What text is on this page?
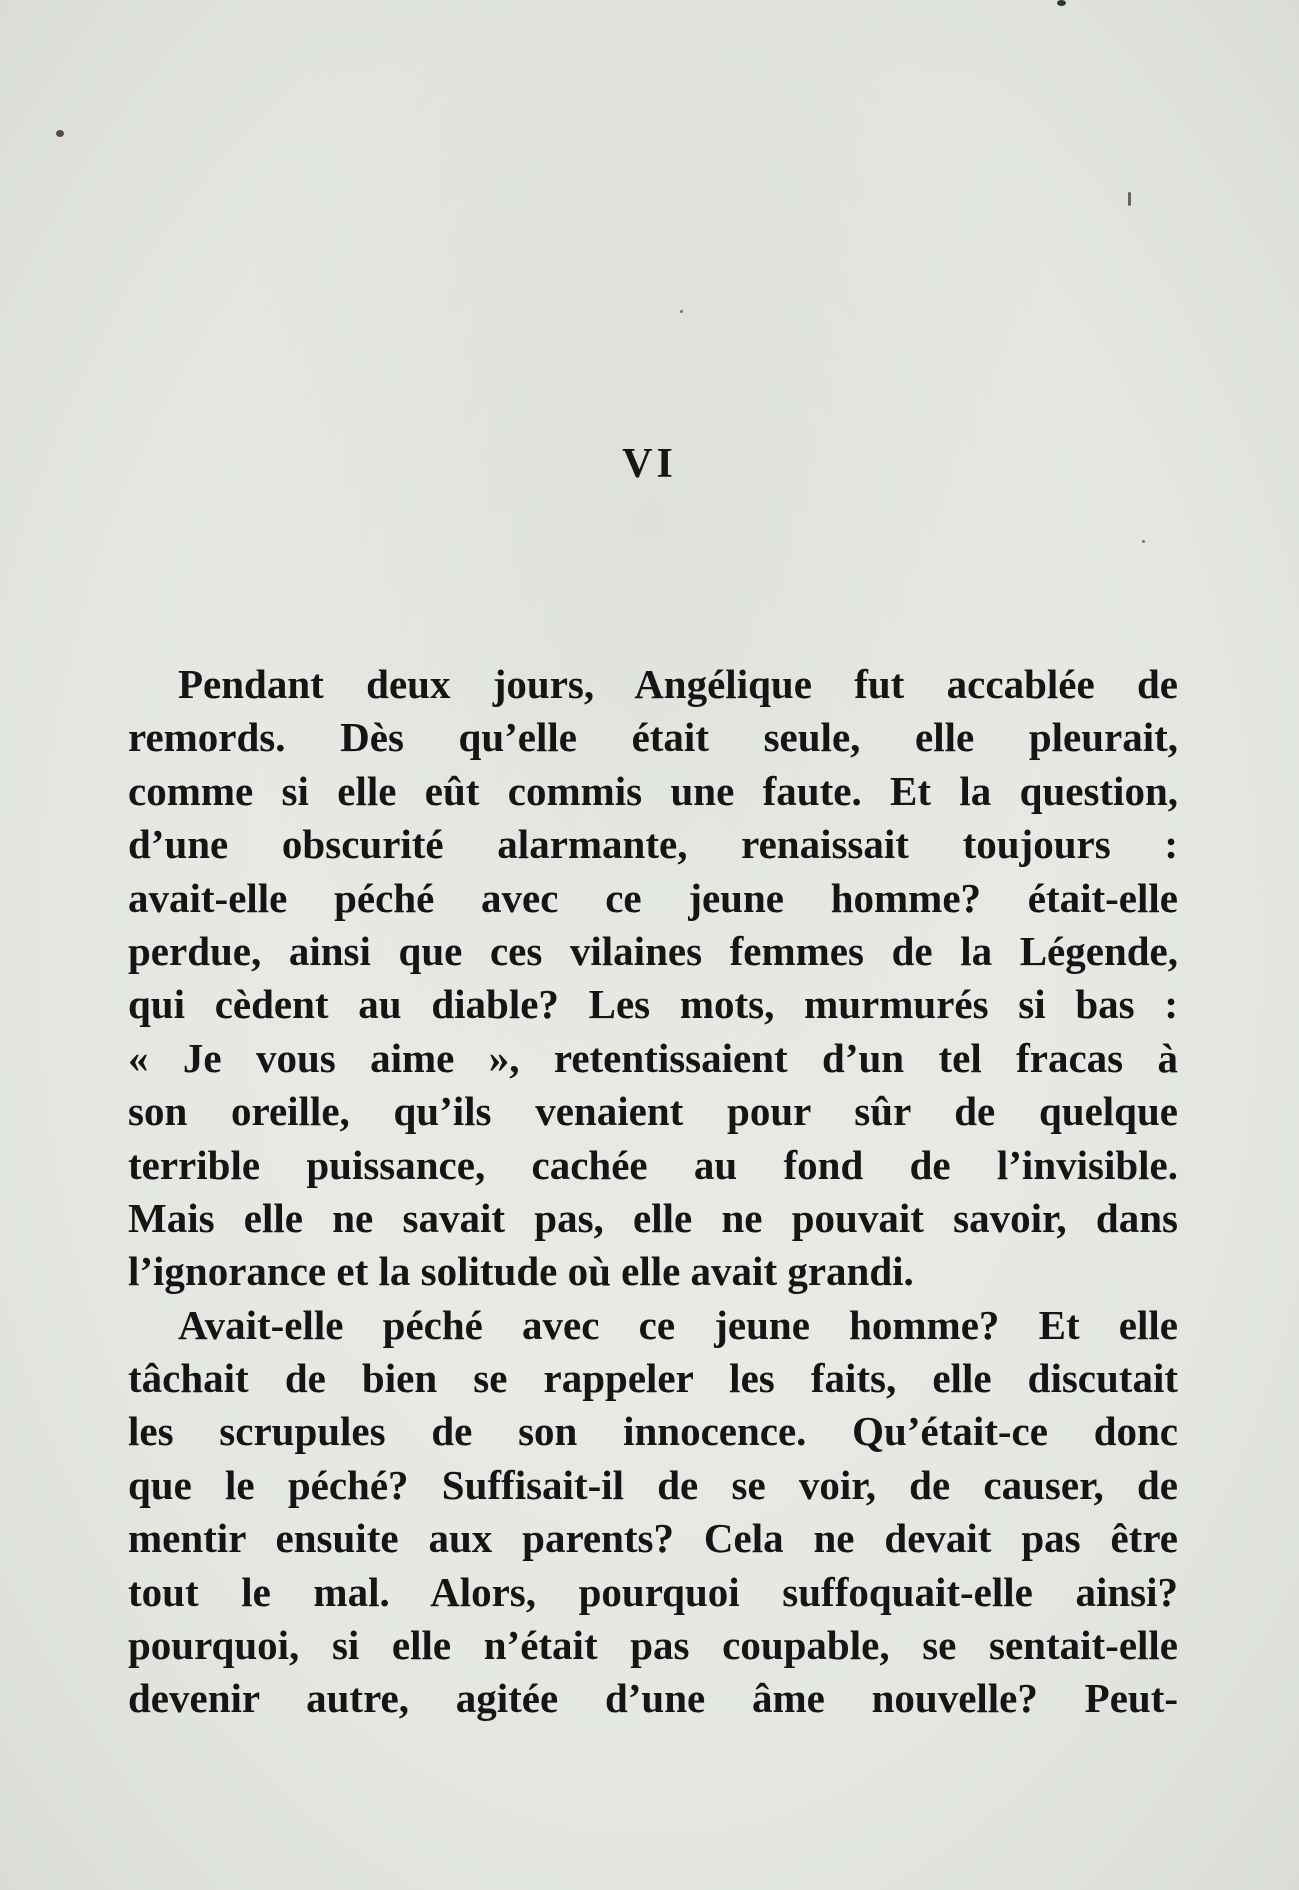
VI
Pendant deux jours, Angélique fut accablée de
remords. Dès qu’elle était seule, elle pleurait,
comme si elle eût commis une faute. Et la question,
d’une obscurité alarmante, renaissait toujours :
avait-elle péché avec ce jeune homme? était-elle
perdue, ainsi que ces vilaines femmes de la Légende,
qui cèdent au diable? Les mots, murmurés si bas :
« Je vous aime », retentissaient d’un tel fracas à
son oreille, qu’ils venaient pour sûr de quelque
terrible puissance, cachée au fond de l’invisible.
Mais elle ne savait pas, elle ne pouvait savoir, dans
l’ignorance et la solitude où elle avait grandi.
Avait-elle péché avec ce jeune homme? Et elle
tâchait de bien se rappeler les faits, elle discutait
les scrupules de son innocence. Qu’était-ce donc
que le péché? Suffisait-il de se voir, de causer, de
mentir ensuite aux parents? Cela ne devait pas être
tout le mal. Alors, pourquoi suffoquait-elle ainsi?
pourquoi, si elle n’était pas coupable, se sentait-elle
devenir autre, agitée d’une âme nouvelle? Peut-
